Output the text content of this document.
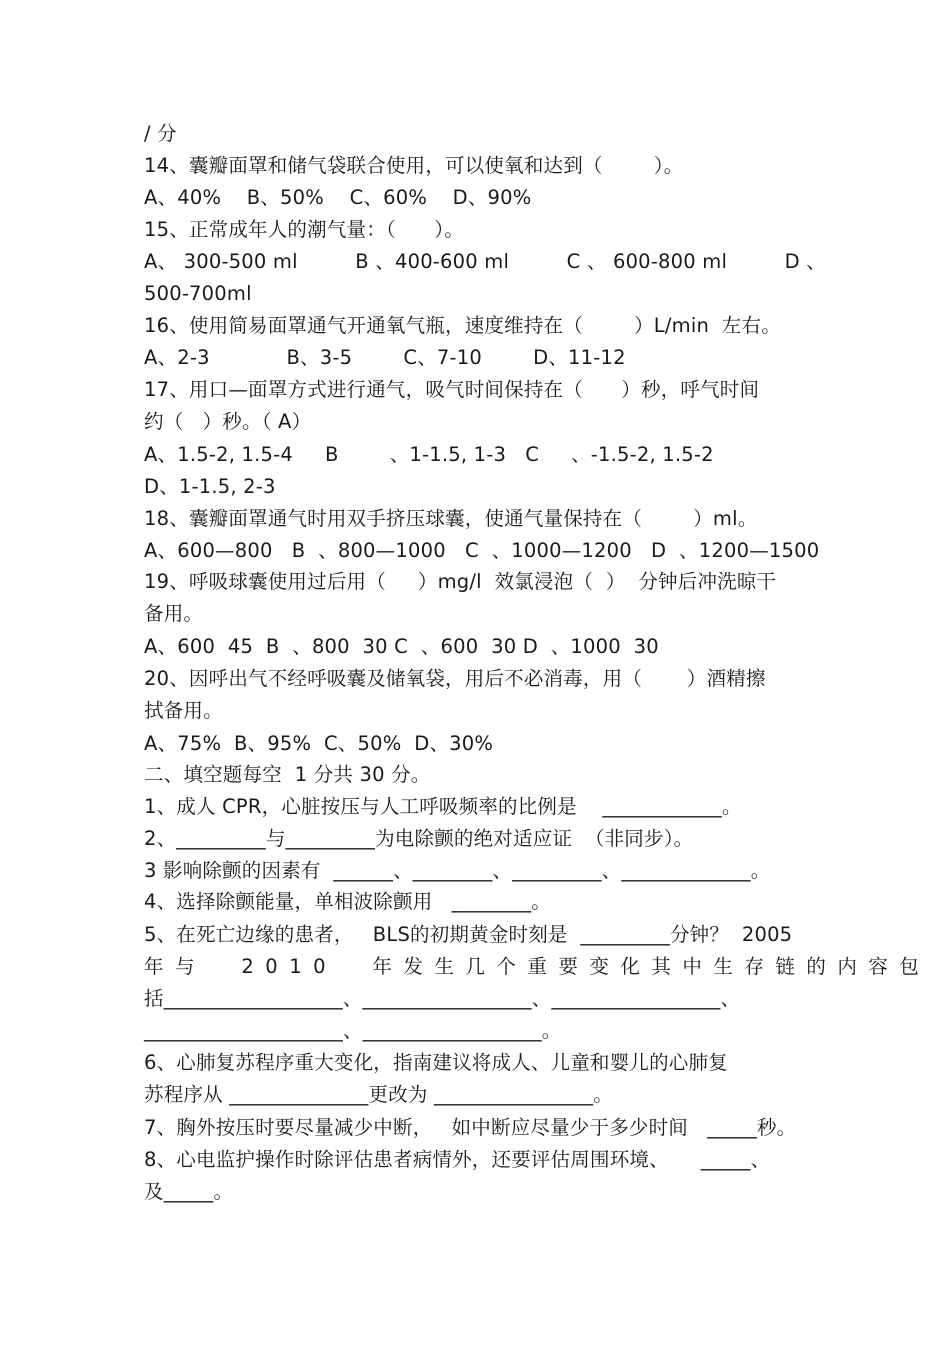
/ 分
14、囊瓣面罩和储气袋联合使用，可以使氧和达到（        ）。
A、40%    B、50%    C、60%    D、90%
15、正常成年人的潮气量：（      ）。
A、 300-500 ml         B 、400-600 ml         C 、 600-800 ml         D 、
500-700ml
16、使用简易面罩通气开通氧气瓶，速度维持在（        ）L/min  左右。
A、2-3            B、3-5        C、7-10        D、11-12
17、用口—面罩方式进行通气，吸气时间保持在（      ）秒，呼气时间
约（   ）秒。（ A）
A、1.5-2, 1.5-4     B        、1-1.5, 1-3   C     、-1.5-2, 1.5-2
D、1-1.5, 2-3
18、囊瓣面罩通气时用双手挤压球囊，使通气量保持在（        ）ml。
A、600—800   B  、800—1000   C  、1000—1200   D  、1200—1500
19、呼吸球囊使用过后用（     ）mg/l  效氯浸泡（  ）  分钟后冲洗晾干
备用。
A、600  45  B  、800  30 C  、600  30 D  、1000  30
20、因呼出气不经呼吸囊及储氧袋，用后不必消毒，用（       ）酒精擦
拭备用。
A、75%  B、95%  C、50%  D、30%
二、填空题每空  1 分共 30 分。
1、成人 CPR，心脏按压与人工呼吸频率的比例是    ____________。
2、_________与_________为电除颤的绝对适应证  （非同步）。
3 影响除颤的因素有  ______、________、_________、_____________。
4、选择除颤能量，单相波除颤用   ________。
5、在死亡边缘的患者，   BLS的初期黄金时刻是  _________分钟？  2005
年与  2010  年发生几个重要变化其中生存链的内容包
括__________________、_________________、_________________、
____________________、__________________。
6、心肺复苏程序重大变化，指南建议将成人、儿童和婴儿的心肺复
苏程序从 ______________更改为 ________________。
7、胸外按压时要尽量减少中断，   如中断应尽量少于多少时间   _____秒。
8、心电监护操作时除评估患者病情外，还要评估周围环境、     _____、
及_____。
